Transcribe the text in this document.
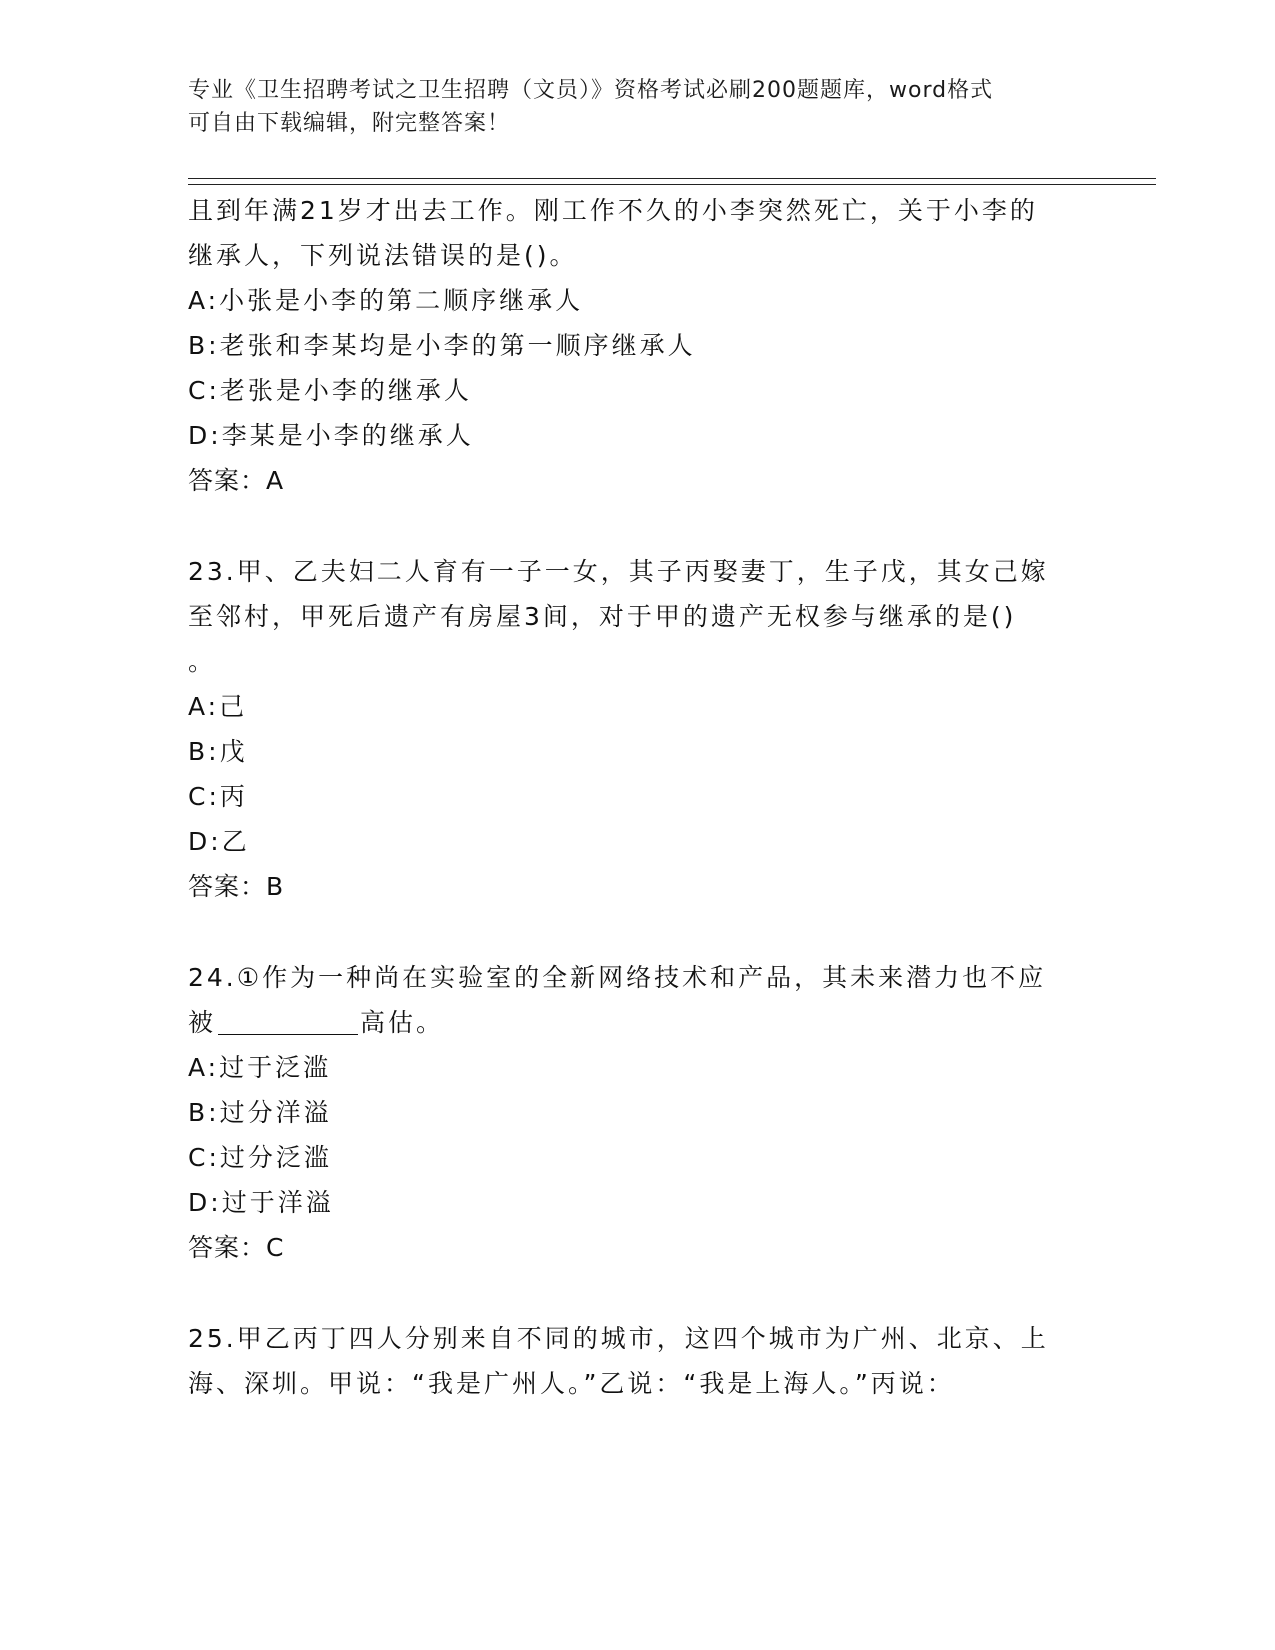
专业《卫生招聘考试之卫生招聘（文员）》资格考试必刷200题题库，word格式
可自由下载编辑，附完整答案！
且到年满21岁才出去工作。刚工作不久的小李突然死亡，关于小李的
继承人，下列说法错误的是()。
A:小张是小李的第二顺序继承人
B:老张和李某均是小李的第一顺序继承人
C:老张是小李的继承人
D:李某是小李的继承人
答案：A
23.甲、乙夫妇二人育有一子一女，其子丙娶妻丁，生子戊，其女己嫁
至邻村，甲死后遗产有房屋3间，对于甲的遗产无权参与继承的是()
。
A:己
B:戊
C:丙
D:乙
答案：B
24.①作为一种尚在实验室的全新网络技术和产品，其未来潜力也不应
被	高估。
A:过于泛滥
B:过分洋溢
C:过分泛滥
D:过于洋溢
答案：C
25.甲乙丙丁四人分别来自不同的城市，这四个城市为广州、北京、上
海、深圳。甲说：“我是广州人。”乙说：“我是上海人。”丙说：
